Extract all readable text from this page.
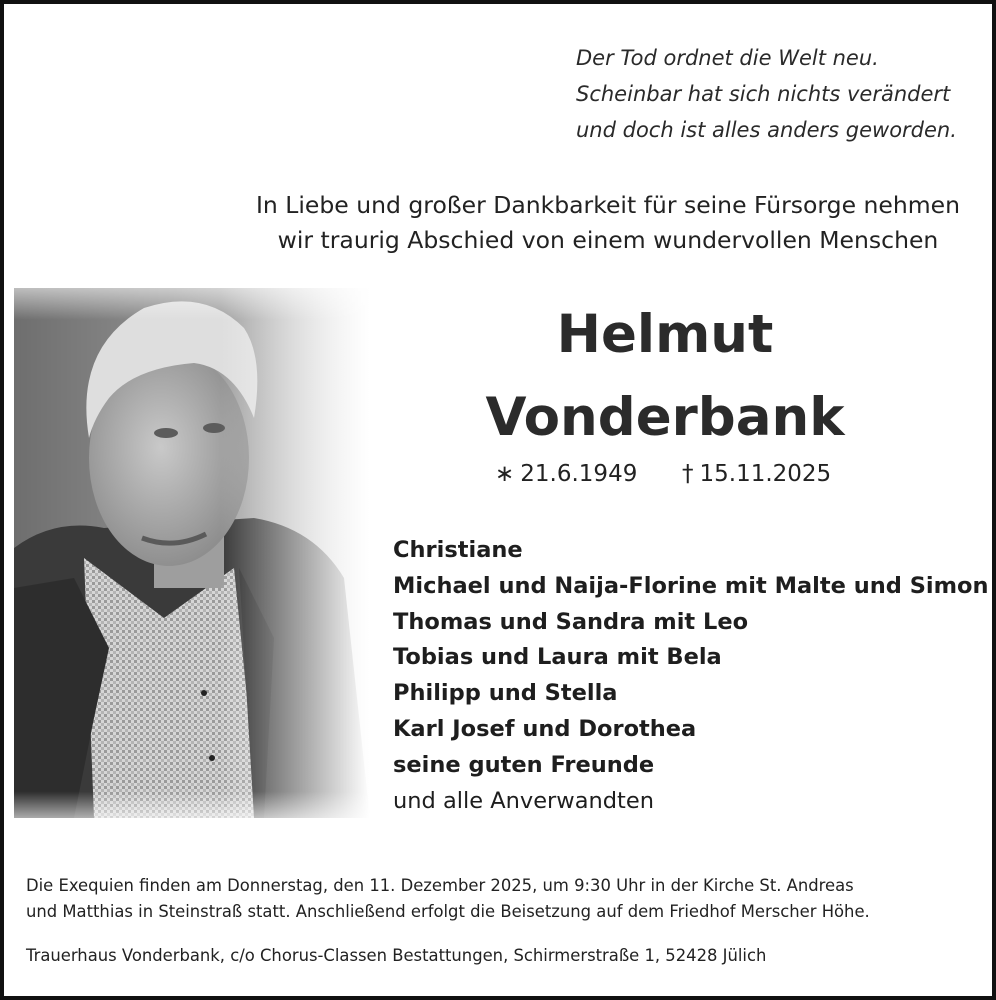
Der Tod ordnet die Welt neu.
Scheinbar hat sich nichts verändert
und doch ist alles anders geworden.
In Liebe und großer Dankbarkeit für seine Fürsorge nehmen
wir traurig Abschied von einem wundervollen Menschen
Helmut
Vonderbank
∗ 21.6.1949 † 15.11.2025
Christiane
Michael und Naija-Florine mit Malte und Simon
Thomas und Sandra mit Leo
Tobias und Laura mit Bela
Philipp und Stella
Karl Josef und Dorothea
seine guten Freunde
und alle Anverwandten
Die Exequien finden am Donnerstag, den 11. Dezember 2025, um 9:30 Uhr in der Kirche St. Andreas
und Matthias in Steinstraß statt. Anschließend erfolgt die Beisetzung auf dem Friedhof Merscher Höhe.
Trauerhaus Vonderbank, c/o Chorus-Classen Bestattungen, Schirmerstraße 1, 52428 Jülich
